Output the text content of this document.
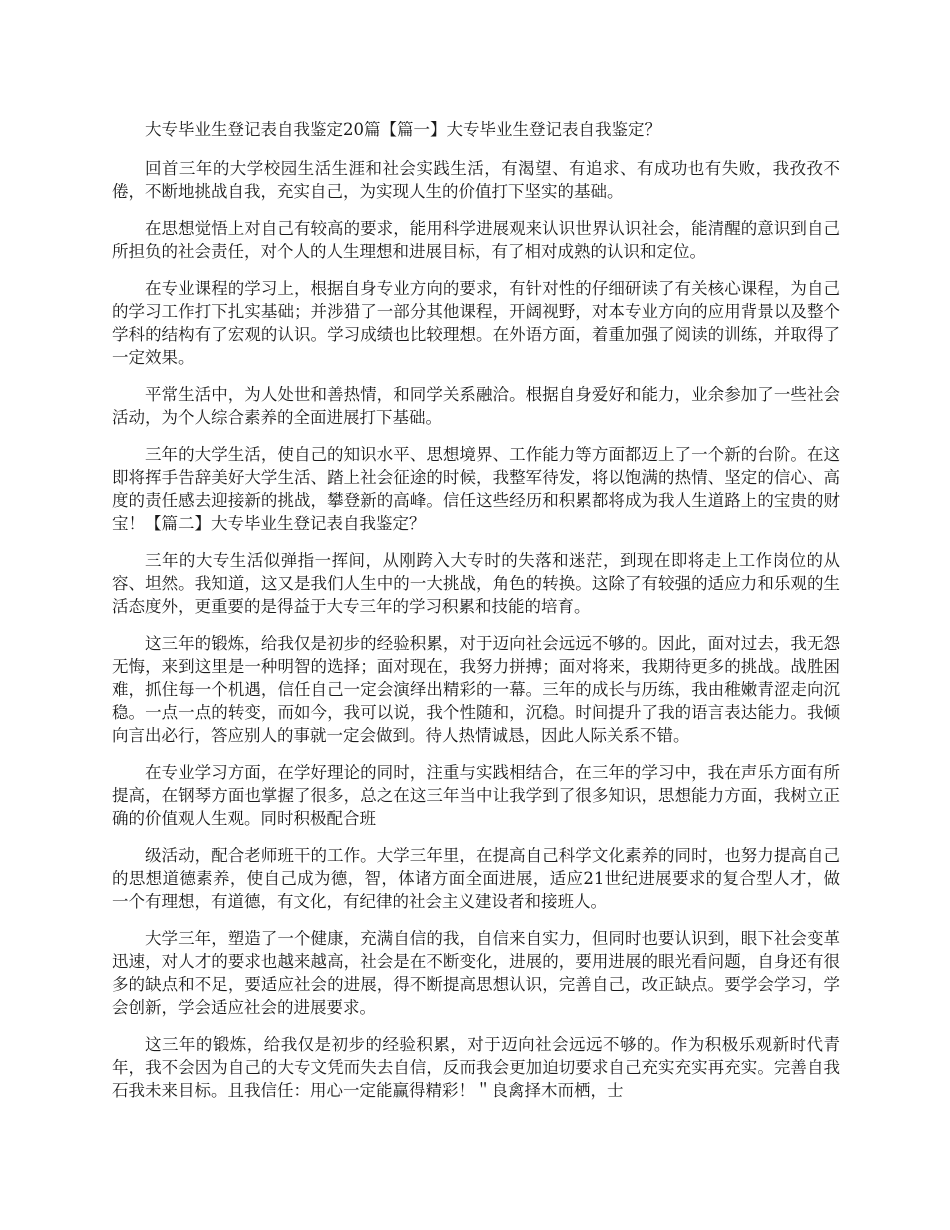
大专毕业生登记表自我鉴定20篇【篇一】大专毕业生登记表自我鉴定？

回首三年的大学校园生活生涯和社会实践生活，有渴望、有追求、有成功也有失败，我孜孜不倦，不断地挑战自我，充实自己，为实现人生的价值打下坚实的基础。

在思想觉悟上对自己有较高的要求，能用科学进展观来认识世界认识社会，能清醒的意识到自己所担负的社会责任，对个人的人生理想和进展目标，有了相对成熟的认识和定位。

在专业课程的学习上，根据自身专业方向的要求，有针对性的仔细研读了有关核心课程，为自己的学习工作打下扎实基础；并涉猎了一部分其他课程，开阔视野，对本专业方向的应用背景以及整个学科的结构有了宏观的认识。学习成绩也比较理想。在外语方面，着重加强了阅读的训练，并取得了一定效果。

平常生活中，为人处世和善热情，和同学关系融洽。根据自身爱好和能力，业余参加了一些社会活动，为个人综合素养的全面进展打下基础。

三年的大学生活，使自己的知识水平、思想境界、工作能力等方面都迈上了一个新的台阶。在这即将挥手告辞美好大学生活、踏上社会征途的时候，我整军待发，将以饱满的热情、坚定的信心、高度的责任感去迎接新的挑战，攀登新的高峰。信任这些经历和积累都将成为我人生道路上的宝贵的财宝！【篇二】大专毕业生登记表自我鉴定？

三年的大专生活似弹指一挥间，从刚跨入大专时的失落和迷茫，到现在即将走上工作岗位的从容、坦然。我知道，这又是我们人生中的一大挑战，角色的转换。这除了有较强的适应力和乐观的生活态度外，更重要的是得益于大专三年的学习积累和技能的培育。

这三年的锻炼，给我仅是初步的经验积累，对于迈向社会远远不够的。因此，面对过去，我无怨无悔，来到这里是一种明智的选择；面对现在，我努力拼搏；面对将来，我期待更多的挑战。战胜困难，抓住每一个机遇，信任自己一定会演绎出精彩的一幕。三年的成长与历练，我由稚嫩青涩走向沉稳。一点一点的转变，而如今，我可以说，我个性随和，沉稳。时间提升了我的语言表达能力。我倾向言出必行，答应别人的事就一定会做到。待人热情诚恳，因此人际关系不错。

在专业学习方面，在学好理论的同时，注重与实践相结合，在三年的学习中，我在声乐方面有所提高，在钢琴方面也掌握了很多，总之在这三年当中让我学到了很多知识，思想能力方面，我树立正确的价值观人生观。同时积极配合班

级活动，配合老师班干的工作。大学三年里，在提高自己科学文化素养的同时，也努力提高自己的思想道德素养，使自己成为德，智，体诸方面全面进展，适应21世纪进展要求的复合型人才，做一个有理想，有道德，有文化，有纪律的社会主义建设者和接班人。

大学三年，塑造了一个健康，充满自信的我，自信来自实力，但同时也要认识到，眼下社会变革迅速，对人才的要求也越来越高，社会是在不断变化，进展的，要用进展的眼光看问题，自身还有很多的缺点和不足，要适应社会的进展，得不断提高思想认识，完善自己，改正缺点。要学会学习，学会创新，学会适应社会的进展要求。

这三年的锻炼，给我仅是初步的经验积累，对于迈向社会远远不够的。作为积极乐观新时代青年，我不会因为自己的大专文凭而失去自信，反而我会更加迫切要求自己充实充实再充实。完善自我石我未来目标。且我信任：用心一定能赢得精彩！＂良禽择木而栖，士
